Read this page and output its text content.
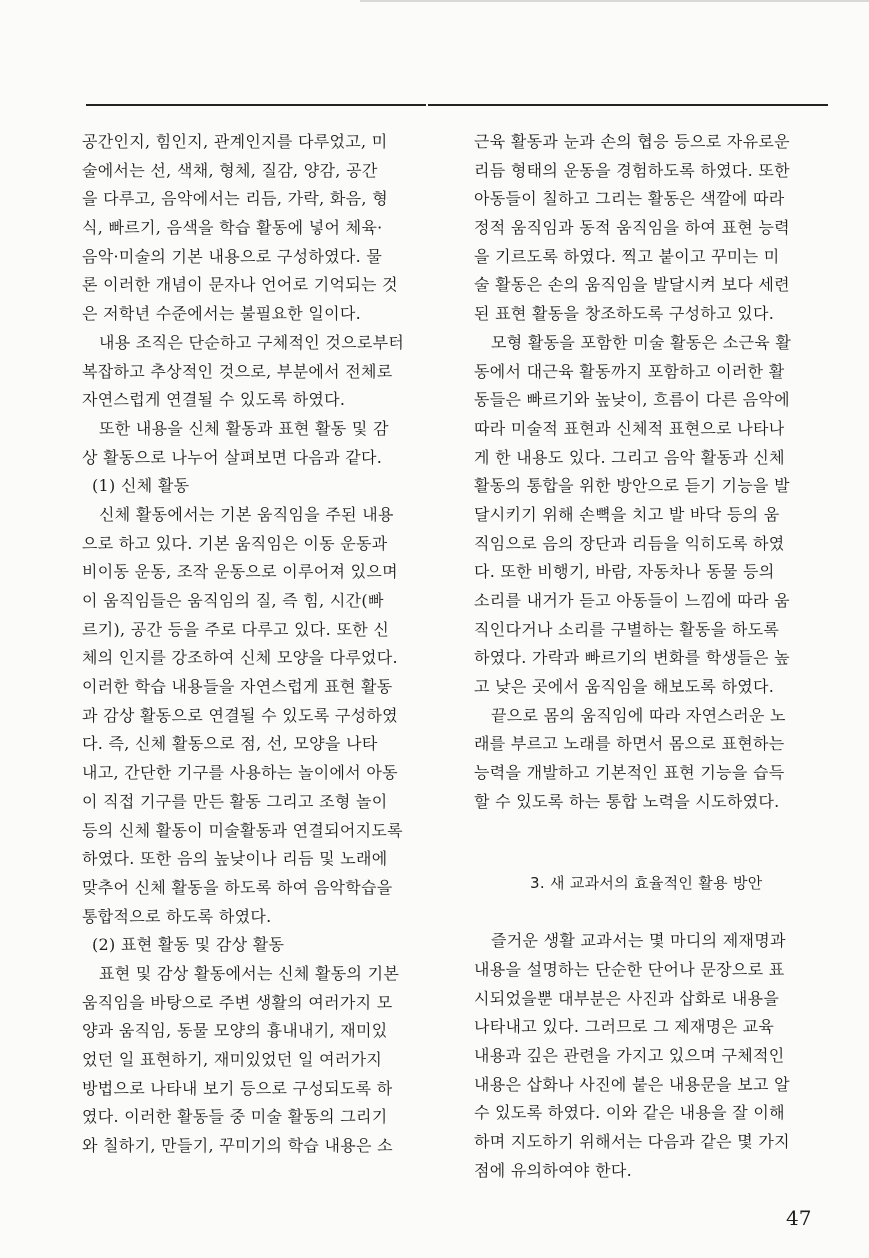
공간인지, 힘인지, 관계인지를 다루었고, 미
술에서는 선, 색채, 형체, 질감, 양감, 공간
을 다루고, 음악에서는 리듬, 가락, 화음, 형
식, 빠르기, 음색을 학습 활동에 넣어 체육·
음악·미술의 기본 내용으로 구성하였다. 물
론 이러한 개념이 문자나 언어로 기억되는 것
은 저학년 수준에서는 불필요한 일이다.
내용 조직은 단순하고 구체적인 것으로부터
복잡하고 추상적인 것으로, 부분에서 전체로
자연스럽게 연결될 수 있도록 하였다.
또한 내용을 신체 활동과 표현 활동 및 감
상 활동으로 나누어 살펴보면 다음과 같다.
(1) 신체 활동
신체 활동에서는 기본 움직임을 주된 내용
으로 하고 있다. 기본 움직임은 이동 운동과
비이동 운동, 조작 운동으로 이루어져 있으며
이 움직임들은 움직임의 질, 즉 힘, 시간(빠
르기), 공간 등을 주로 다루고 있다. 또한 신
체의 인지를 강조하여 신체 모양을 다루었다.
이러한 학습 내용들을 자연스럽게 표현 활동
과 감상 활동으로 연결될 수 있도록 구성하였
다. 즉, 신체 활동으로 점, 선, 모양을 나타
내고, 간단한 기구를 사용하는 놀이에서 아동
이 직접 기구를 만든 활동 그리고 조형 놀이
등의 신체 활동이 미술활동과 연결되어지도록
하였다. 또한 음의 높낮이나 리듬 및 노래에
맞추어 신체 활동을 하도록 하여 음악학습을
통합적으로 하도록 하였다.
(2) 표현 활동 및 감상 활동
표현 및 감상 활동에서는 신체 활동의 기본
움직임을 바탕으로 주변 생활의 여러가지 모
양과 움직임, 동물 모양의 흉내내기, 재미있
었던 일 표현하기, 재미있었던 일 여러가지
방법으로 나타내 보기 등으로 구성되도록 하
였다. 이러한 활동들 중 미술 활동의 그리기
와 칠하기, 만들기, 꾸미기의 학습 내용은 소
근육 활동과 눈과 손의 협응 등으로 자유로운
리듬 형태의 운동을 경험하도록 하였다. 또한
아동들이 칠하고 그리는 활동은 색깔에 따라
정적 움직임과 동적 움직임을 하여 표현 능력
을 기르도록 하였다. 찍고 붙이고 꾸미는 미
술 활동은 손의 움직임을 발달시켜 보다 세련
된 표현 활동을 창조하도록 구성하고 있다.
모형 활동을 포함한 미술 활동은 소근육 활
동에서 대근육 활동까지 포함하고 이러한 활
동들은 빠르기와 높낮이, 흐름이 다른 음악에
따라 미술적 표현과 신체적 표현으로 나타나
게 한 내용도 있다. 그리고 음악 활동과 신체
활동의 통합을 위한 방안으로 듣기 기능을 발
달시키기 위해 손뼉을 치고 발 바닥 등의 움
직임으로 음의 장단과 리듬을 익히도록 하였
다. 또한 비행기, 바람, 자동차나 동물 등의
소리를 내거가 듣고 아동들이 느낌에 따라 움
직인다거나 소리를 구별하는 활동을 하도록
하였다. 가락과 빠르기의 변화를 학생들은 높
고 낮은 곳에서 움직임을 해보도록 하였다.
끝으로 몸의 움직임에 따라 자연스러운 노
래를 부르고 노래를 하면서 몸으로 표현하는
능력을 개발하고 기본적인 표현 기능을 습득
할 수 있도록 하는 통합 노력을 시도하였다.
3. 새 교과서의 효율적인 활용 방안
즐거운 생활 교과서는 몇 마디의 제재명과
내용을 설명하는 단순한 단어나 문장으로 표
시되었을뿐 대부분은 사진과 삽화로 내용을
나타내고 있다. 그러므로 그 제재명은 교육
내용과 깊은 관련을 가지고 있으며 구체적인
내용은 삽화나 사진에 붙은 내용문을 보고 알
수 있도록 하였다. 이와 같은 내용을 잘 이해
하며 지도하기 위해서는 다음과 같은 몇 가지
점에 유의하여야 한다.
47
